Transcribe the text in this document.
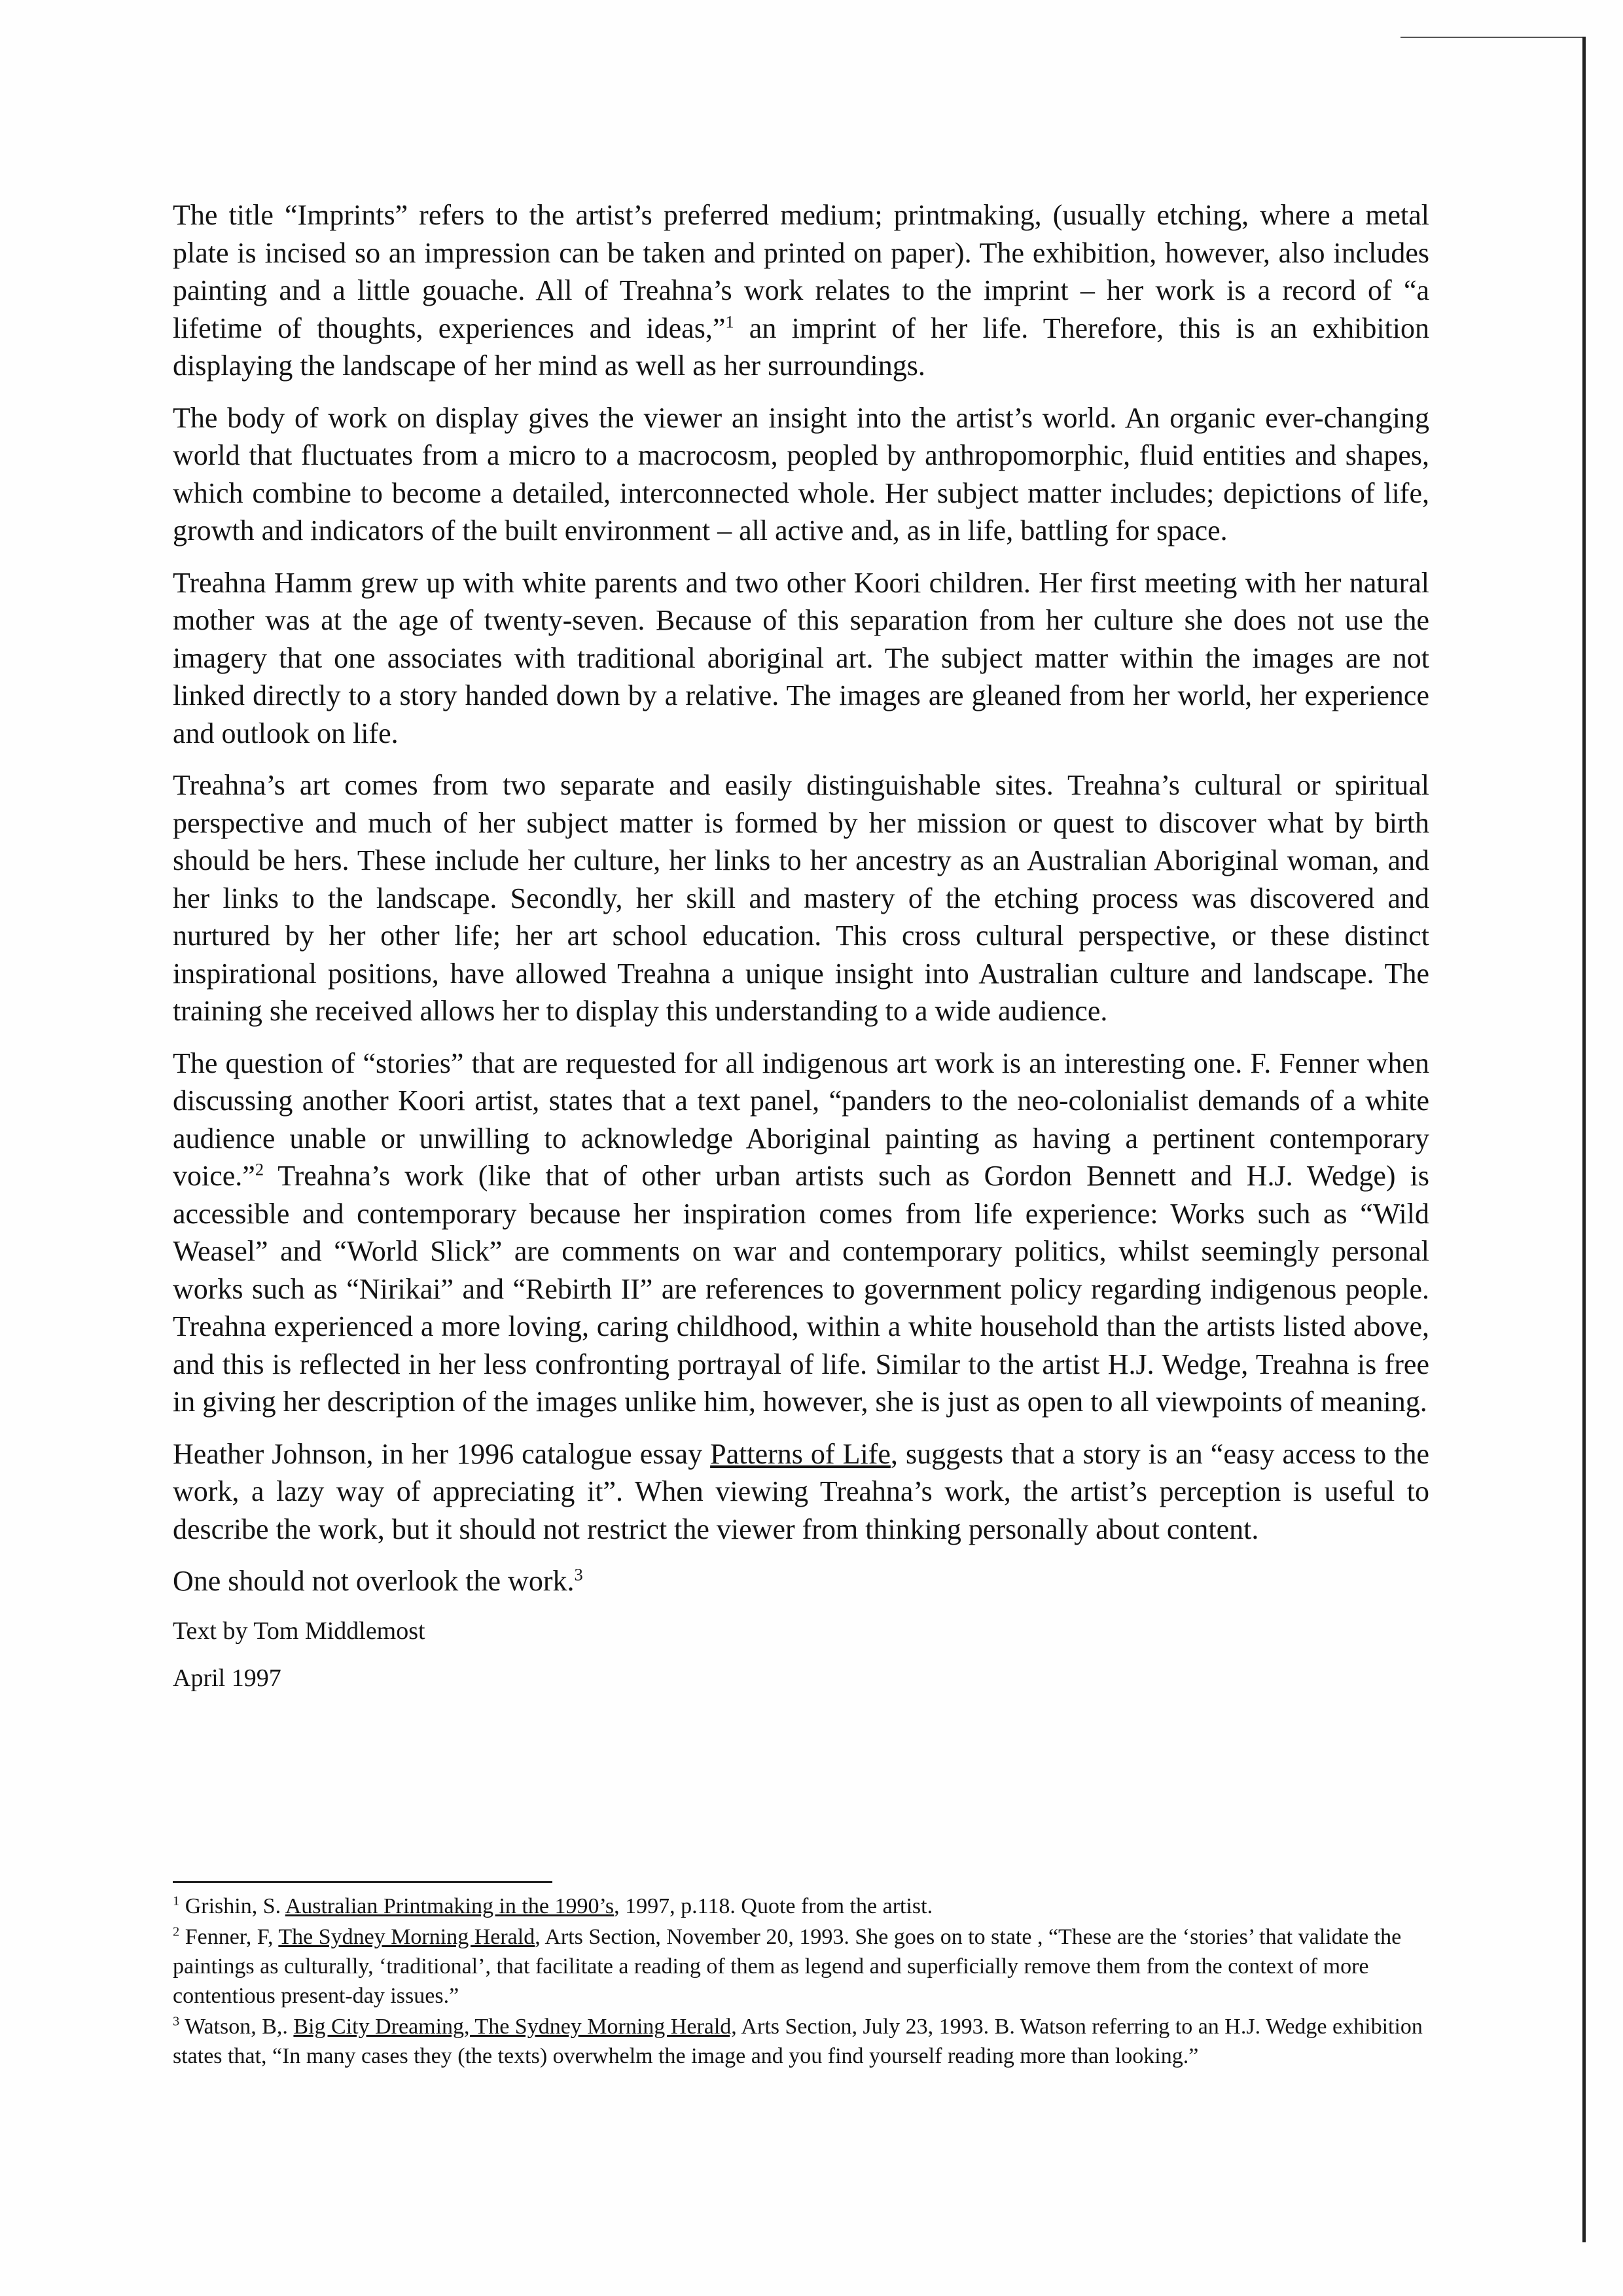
The title “Imprints” refers to the artist’s preferred medium; printmaking, (usually etching, where a metal plate is incised so an impression can be taken and printed on paper). The exhibition, however, also includes painting and a little gouache. All of Treahna’s work relates to the imprint – her work is a record of “a lifetime of thoughts, experiences and ideas,”$^1$ an imprint of her life. Therefore, this is an exhibition displaying the landscape of her mind as well as her surroundings.

The body of work on display gives the viewer an insight into the artist’s world. An organic ever-changing world that fluctuates from a micro to a macrocosm, peopled by anthropomorphic, fluid entities and shapes, which combine to become a detailed, interconnected whole. Her subject matter includes; depictions of life, growth and indicators of the built environment – all active and, as in life, battling for space.

Treahna Hamm grew up with white parents and two other Koori children. Her first meeting with her natural mother was at the age of twenty-seven. Because of this separation from her culture she does not use the imagery that one associates with traditional aboriginal art. The subject matter within the images are not linked directly to a story handed down by a relative. The images are gleaned from her world, her experience and outlook on life.

Treahna’s art comes from two separate and easily distinguishable sites. Treahna’s cultural or spiritual perspective and much of her subject matter is formed by her mission or quest to discover what by birth should be hers. These include her culture, her links to her ancestry as an Australian Aboriginal woman, and her links to the landscape. Secondly, her skill and mastery of the etching process was discovered and nurtured by her other life; her art school education. This cross cultural perspective, or these distinct inspirational positions, have allowed Treahna a unique insight into Australian culture and landscape. The training she received allows her to display this understanding to a wide audience.

The question of “stories” that are requested for all indigenous art work is an interesting one. F. Fenner when discussing another Koori artist, states that a text panel, “panders to the neo-colonialist demands of a white audience unable or unwilling to acknowledge Aboriginal painting as having a pertinent contemporary voice.”$^2$ Treahna’s work (like that of other urban artists such as Gordon Bennett and H.J. Wedge) is accessible and contemporary because her inspiration comes from life experience: Works such as “Wild Weasel” and “World Slick” are comments on war and contemporary politics, whilst seemingly personal works such as “Nirikai” and “Rebirth II” are references to government policy regarding indigenous people. Treahna experienced a more loving, caring childhood, within a white household than the artists listed above, and this is reflected in her less confronting portrayal of life. Similar to the artist H.J. Wedge, Treahna is free in giving her description of the images unlike him, however, she is just as open to all viewpoints of meaning.

Heather Johnson, in her 1996 catalogue essay Patterns of Life, suggests that a story is an “easy access to the work, a lazy way of appreciating it”. When viewing Treahna’s work, the artist’s perception is useful to describe the work, but it should not restrict the viewer from thinking personally about content.

One should not overlook the work.$^3$

Text by Tom Middlemost

April 1997

$^1$ Grishin, S. Australian Printmaking in the 1990’s, 1997, p.118. Quote from the artist.

$^2$ Fenner, F, The Sydney Morning Herald, Arts Section, November 20, 1993. She goes on to state , “These are the ‘stories’ that validate the paintings as culturally, ‘traditional’, that facilitate a reading of them as legend and superficially remove them from the context of more contentious present-day issues.”

$^3$ Watson, B,. Big City Dreaming, The Sydney Morning Herald, Arts Section, July 23, 1993. B. Watson referring to an H.J. Wedge exhibition states that, “In many cases they (the texts) overwhelm the image and you find yourself reading more than looking.”
